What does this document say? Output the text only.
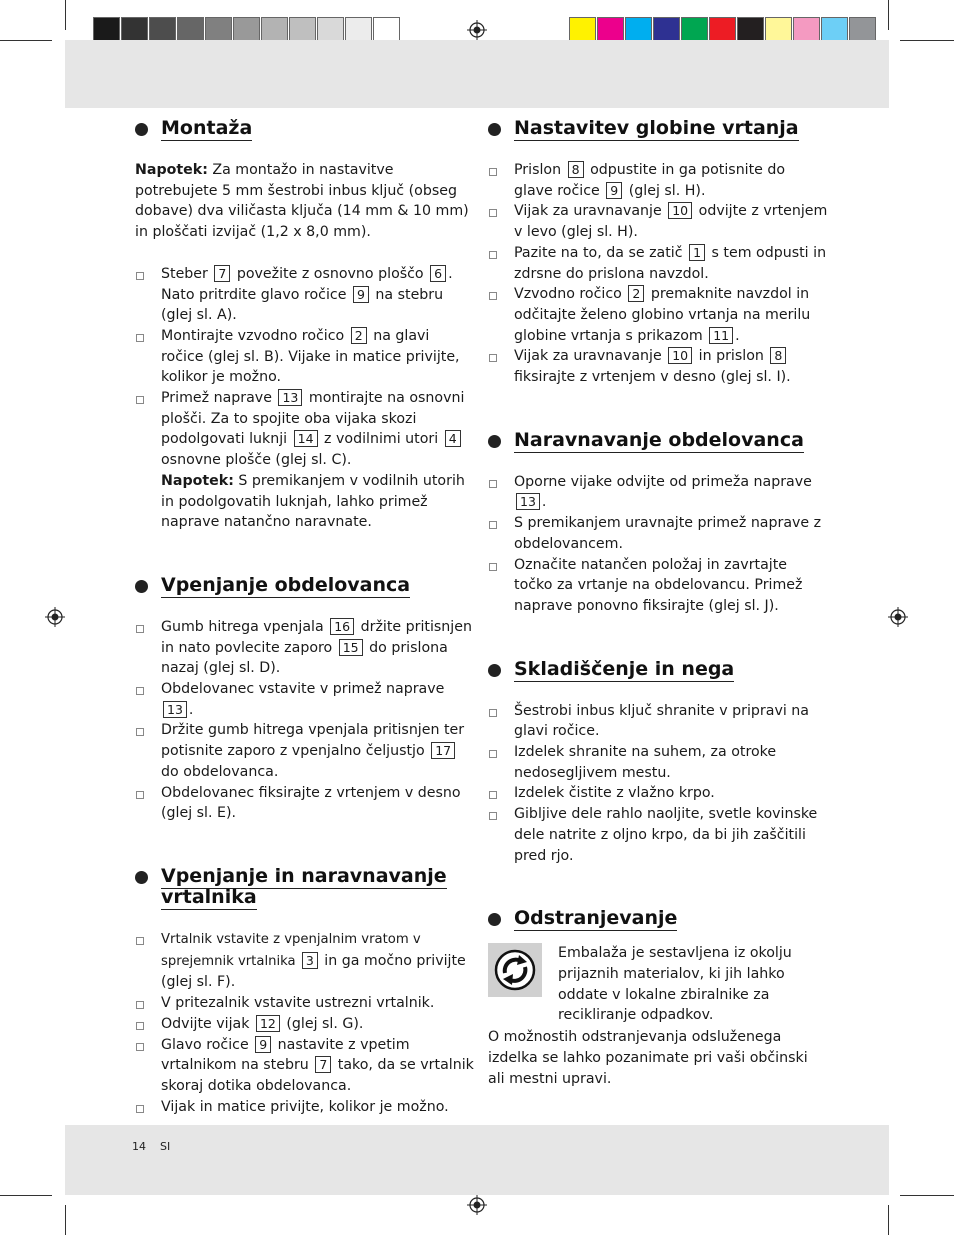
Montaža

Napotek: Za montažo in nastavitve potrebujete 5 mm šestrobi inbus ključ (obseg dobave) dva viličasta ključa (14 mm & 10 mm) in ploščati izvijač (1,2 x 8,0 mm).

Steber 7 povežite z osnovno ploščo 6 . Nato pritrdite glavo ročice 9 na stebru (glej sl. A).

Montirajte vzvodno ročico 2 na glavi ročice (glej sl. B). Vijake in matice privijte, kolikor je možno.

Primež naprave 13 montirajte na osnovni plošči. Za to spojite oba vijaka skozi podolgovati luknji 14 z vodilnimi utori 4 osnovne plošče (glej sl. C).

Napotek: S premikanjem v vodilnih utorih in podolgovatih luknjah, lahko primež naprave natančno naravnate.

Vpenjanje obdelovanca

Gumb hitrega vpenjala 16 držite pritisnjen in nato povlecite zaporo 15 do prislona nazaj (glej sl. D).

Obdelovanec vstavite v primež naprave 13 .

Držite gumb hitrega vpenjala pritisnjen ter potisnite zaporo z vpenjalno čeljustjo 17 do obdelovanca.

Obdelovanec fiksirajte z vrtenjem v desno (glej sl. E).

Vpenjanje in naravnavanje vrtalnika

Vrtalnik vstavite z vpenjalnim vratom v sprejemnik vrtalnika 3 in ga močno privijte (glej sl. F).

V pritezalnik vstavite ustrezni vrtalnik.

Odvijte vijak 12 (glej sl. G).

Glavo ročice 9 nastavite z vpetim vrtalnikom na stebru 7 tako, da se vrtalnik skoraj dotika obdelovanca.

Vijak in matice privijte, kolikor je možno.

Nastavitev globine vrtanja

Prislon 8 odpustite in ga potisnite do glave ročice 9 (glej sl. H).

Vijak za uravnavanje 10 odvijte z vrtenjem v levo (glej sl. H).

Pazite na to, da se zatič 1 s tem odpusti in zdrsne do prislona navzdol.

Vzvodno ročico 2 premaknite navzdol in odčitajte želeno globino vrtanja na merilu globine vrtanja s prikazom 11 .

Vijak za uravnavanje 10 in prislon 8 fiksirajte z vrtenjem v desno (glej sl. I).

Naravnavanje obdelovanca

Oporne vijake odvijte od primeža naprave 13 .

S premikanjem uravnajte primež naprave z obdelovancem.

Označite natančen položaj in zavrtajte točko za vrtanje na obdelovancu. Primež naprave ponovno fiksirajte (glej sl. J).

Skladiščenje in nega

Šestrobi inbus ključ shranite v pripravi na glavi ročice.

Izdelek shranite na suhem, za otroke nedosegljivem mestu.

Izdelek čistite z vlažno krpo.

Gibljive dele rahlo naoljite, svetle kovinske dele natrite z oljno krpo, da bi jih zaščitili pred rjo.

Odstranjevanje

Embalaža je sestavljena iz okolju prijaznih materialov, ki jih lahko oddate v lokalne zbiralnike za recikliranje odpadkov.

O možnostih odstranjevanja odsluženega izdelka se lahko pozanimate pri vaši občinski ali mestni upravi.

14 SI
